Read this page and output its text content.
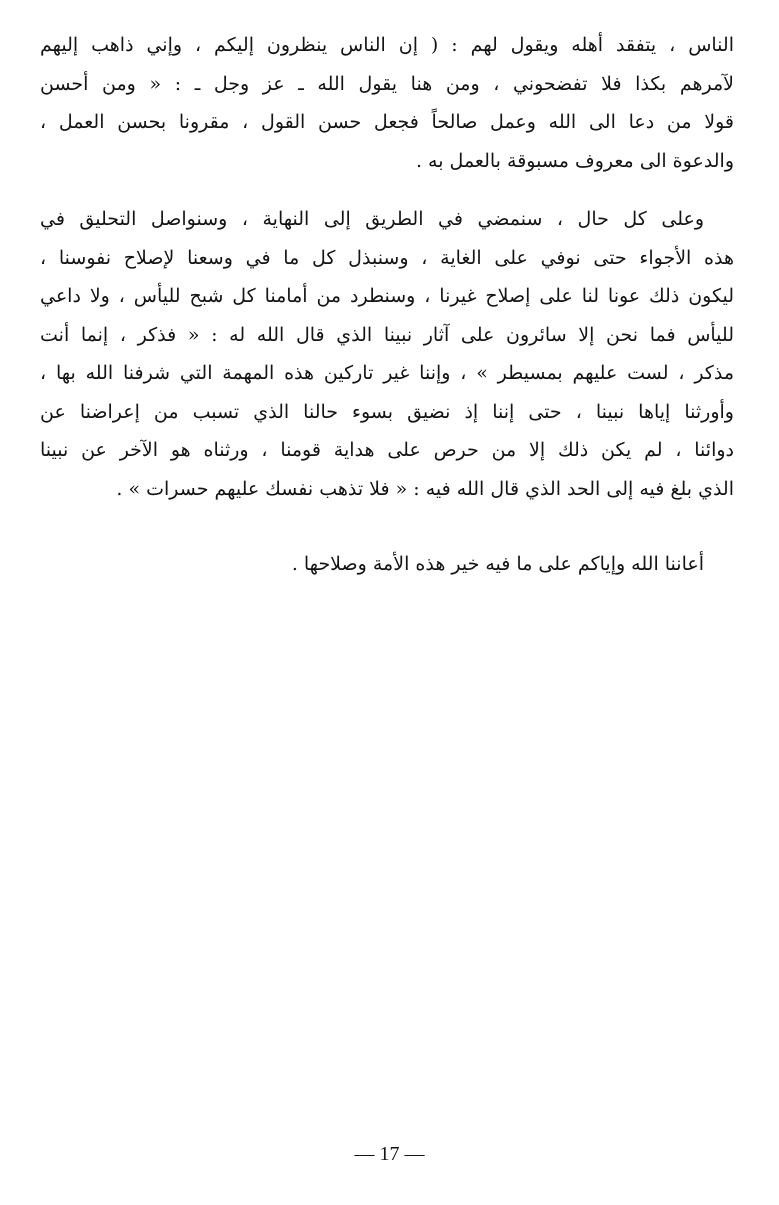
الناس ، يتفقد أهله ويقول لهم : ( إن الناس ينظرون إليكم ، وإني ذاهب إليهم
لآمرهم بكذا فلا تفضحوني ، ومن هنا يقول الله ـ عز وجل ـ : « ومن أحسن
قولا من دعا الى الله وعمل صالحاً فجعل حسن القول ، مقرونا بحسن العمل ،
والدعوة الى معروف مسبوقة بالعمل به .
وعلى كل حال ، سنمضي في الطريق إلى النهاية ، وسنواصل التحليق في
هذه الأجواء حتى نوفي على الغاية ، وسنبذل كل ما في وسعنا لإصلاح نفوسنا ،
ليكون ذلك عونا لنا على إصلاح غيرنا ، وسنطرد من أمامنا كل شبح لليأس ، ولا داعي
لليأس فما نحن إلا سائرون على آثار نبينا الذي قال الله له : « فذكر ، إنما أنت
مذكر ، لست عليهم بمسيطر » ، وإننا غير تاركين هذه المهمة التي شرفنا الله بها ،
وأورثنا إياها نبينا ، حتى إننا إذ نضيق بسوء حالنا الذي تسبب من إعراضنا عن
دوائنا ، لم يكن ذلك إلا من حرص على هداية قومنا ، ورثناه هو الآخر عن نبينا
الذي بلغ فيه إلى الحد الذي قال الله فيه : « فلا تذهب نفسك عليهم حسرات » .
أعاننا الله وإياكم على ما فيه خير هذه الأمة وصلاحها .
— 17 —
